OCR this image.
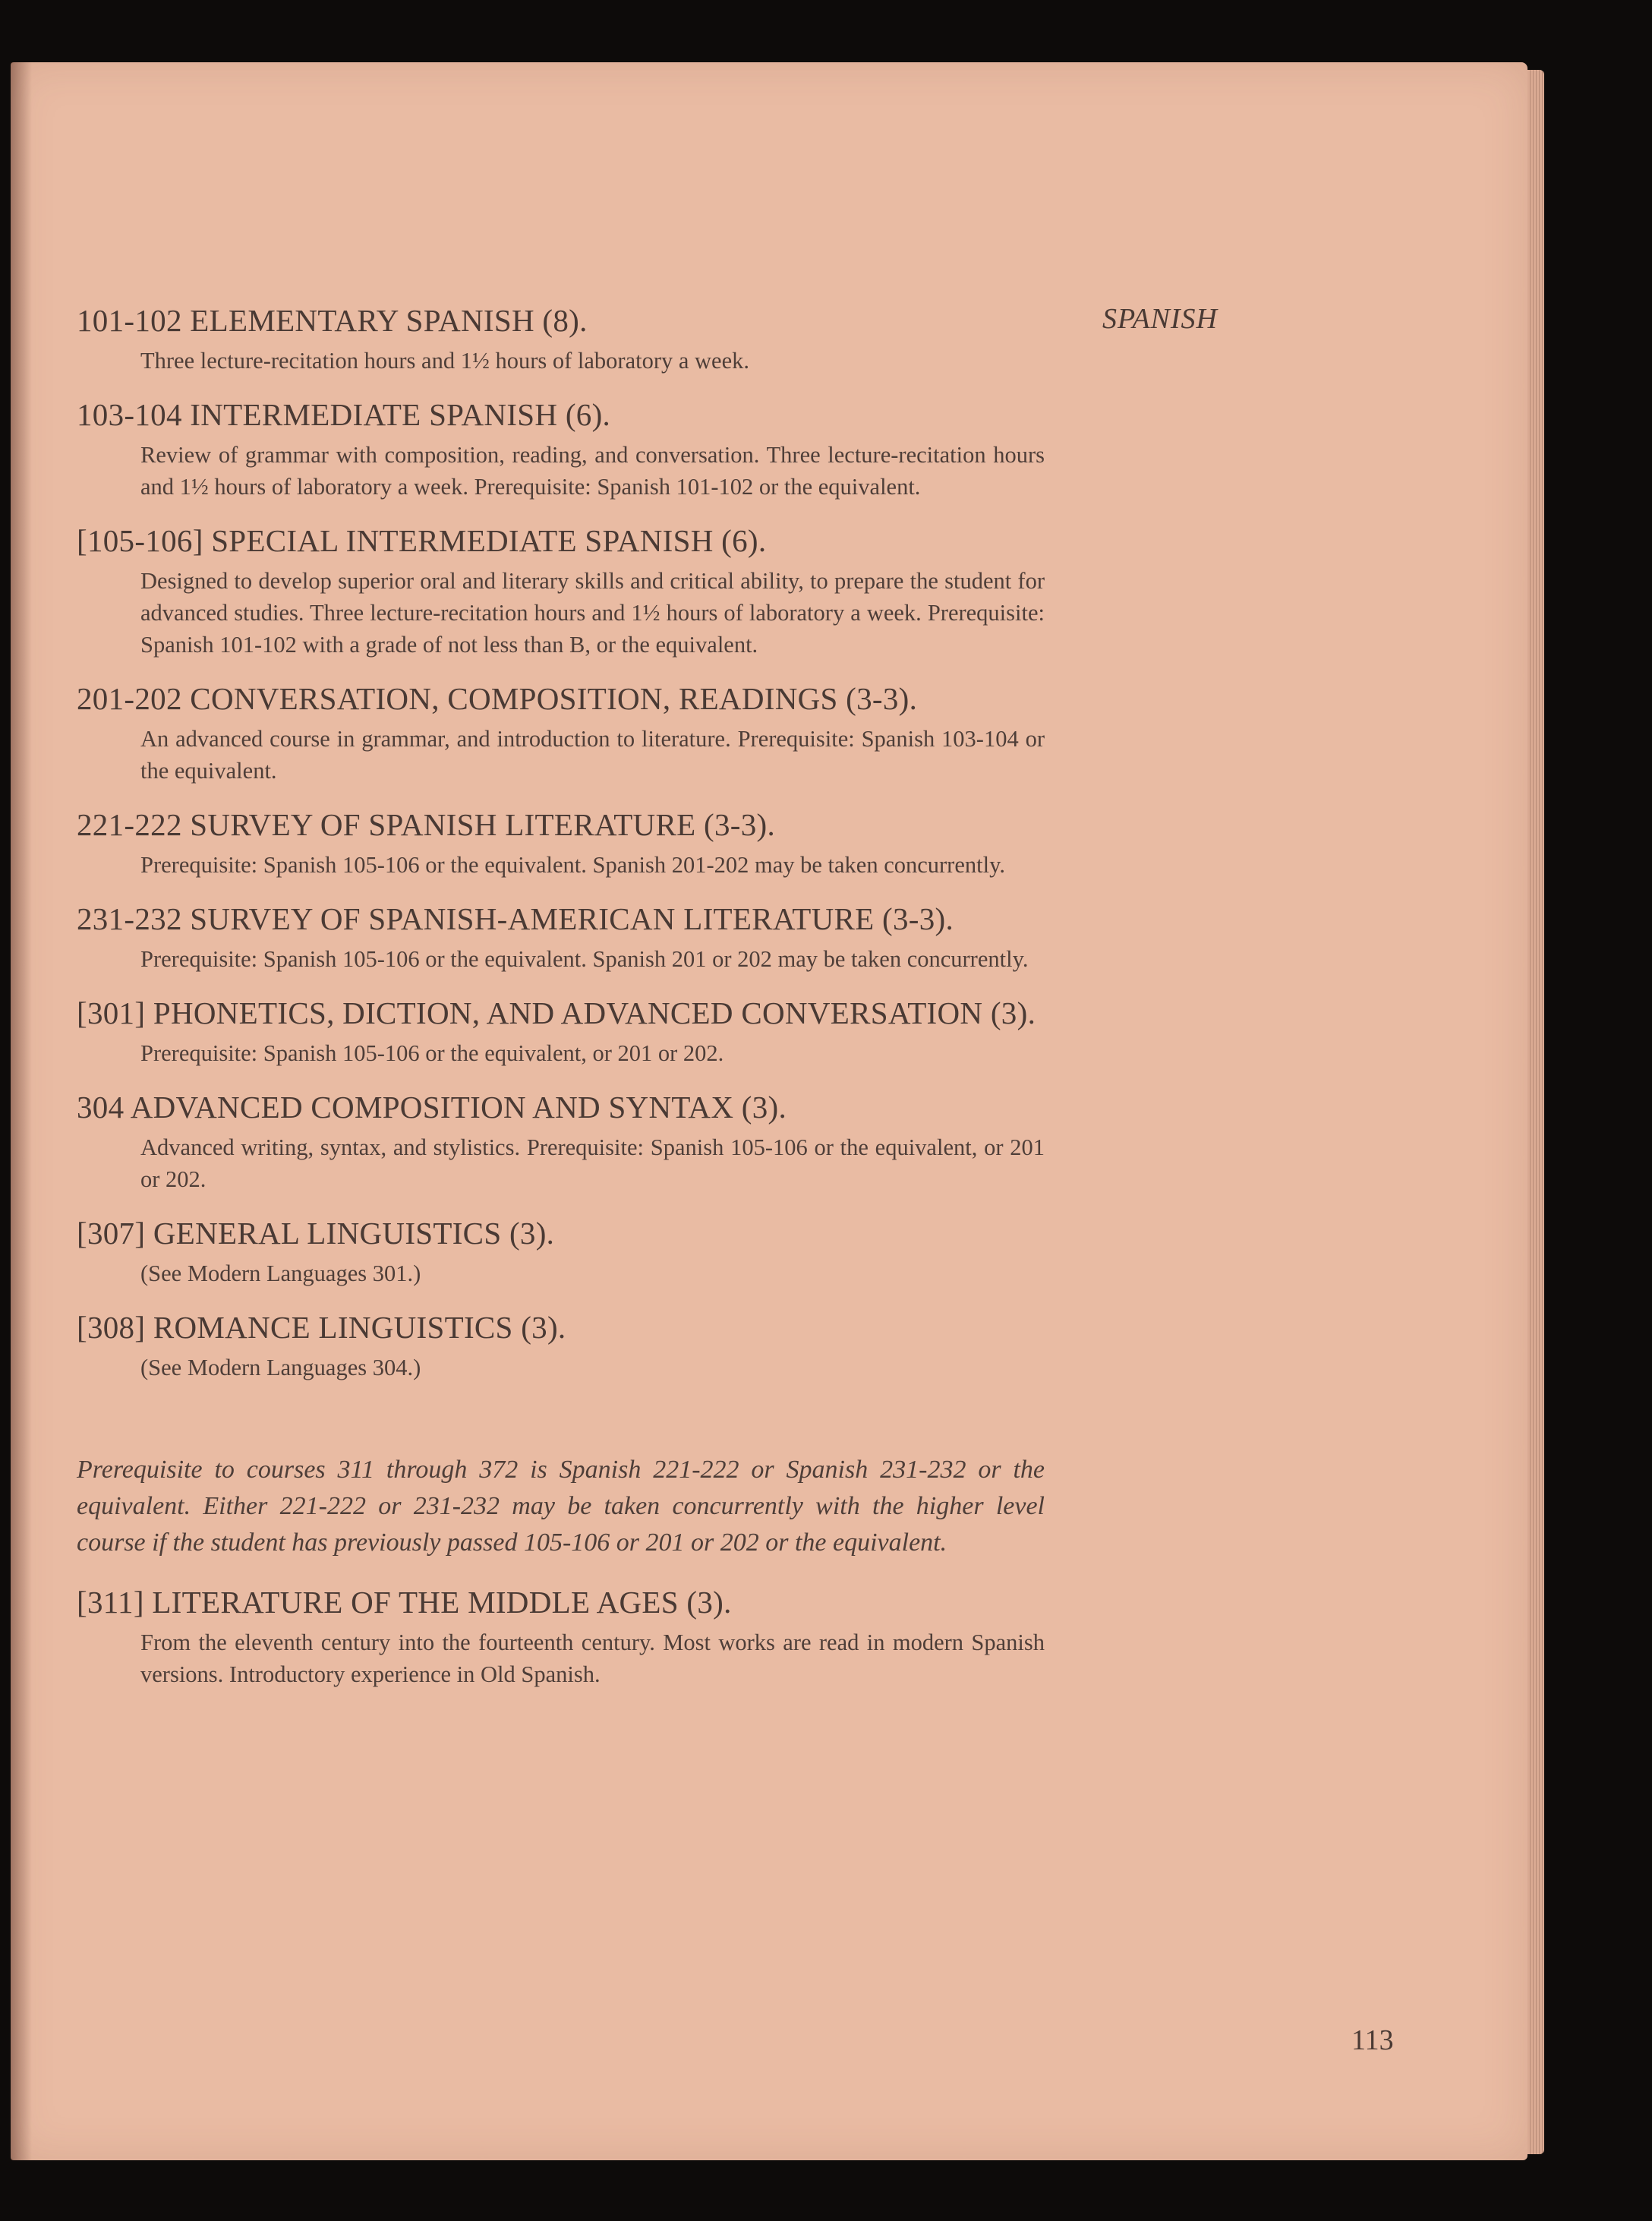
SPANISH
101-102 ELEMENTARY SPANISH (8).
Three lecture-recitation hours and 1½ hours of laboratory a week.
103-104 INTERMEDIATE SPANISH (6).
Review of grammar with composition, reading, and conversation. Three lecture-recitation hours and 1½ hours of laboratory a week. Prerequisite: Spanish 101-102 or the equivalent.
[105-106] SPECIAL INTERMEDIATE SPANISH (6).
Designed to develop superior oral and literary skills and critical ability, to prepare the student for advanced studies. Three lecture-recitation hours and 1½ hours of laboratory a week. Prerequisite: Spanish 101-102 with a grade of not less than B, or the equivalent.
201-202 CONVERSATION, COMPOSITION, READINGS (3-3).
An advanced course in grammar, and introduction to literature. Prerequisite: Spanish 103-104 or the equivalent.
221-222 SURVEY OF SPANISH LITERATURE (3-3).
Prerequisite: Spanish 105-106 or the equivalent. Spanish 201-202 may be taken concurrently.
231-232 SURVEY OF SPANISH-AMERICAN LITERATURE (3-3).
Prerequisite: Spanish 105-106 or the equivalent. Spanish 201 or 202 may be taken concurrently.
[301] PHONETICS, DICTION, AND ADVANCED CONVERSATION (3).
Prerequisite: Spanish 105-106 or the equivalent, or 201 or 202.
304 ADVANCED COMPOSITION AND SYNTAX (3).
Advanced writing, syntax, and stylistics. Prerequisite: Spanish 105-106 or the equivalent, or 201 or 202.
[307] GENERAL LINGUISTICS (3).
(See Modern Languages 301.)
[308] ROMANCE LINGUISTICS (3).
(See Modern Languages 304.)
Prerequisite to courses 311 through 372 is Spanish 221-222 or Spanish 231-232 or the equivalent. Either 221-222 or 231-232 may be taken concurrently with the higher level course if the student has previously passed 105-106 or 201 or 202 or the equivalent.
[311] LITERATURE OF THE MIDDLE AGES (3).
From the eleventh century into the fourteenth century. Most works are read in modern Spanish versions. Introductory experience in Old Spanish.
113
